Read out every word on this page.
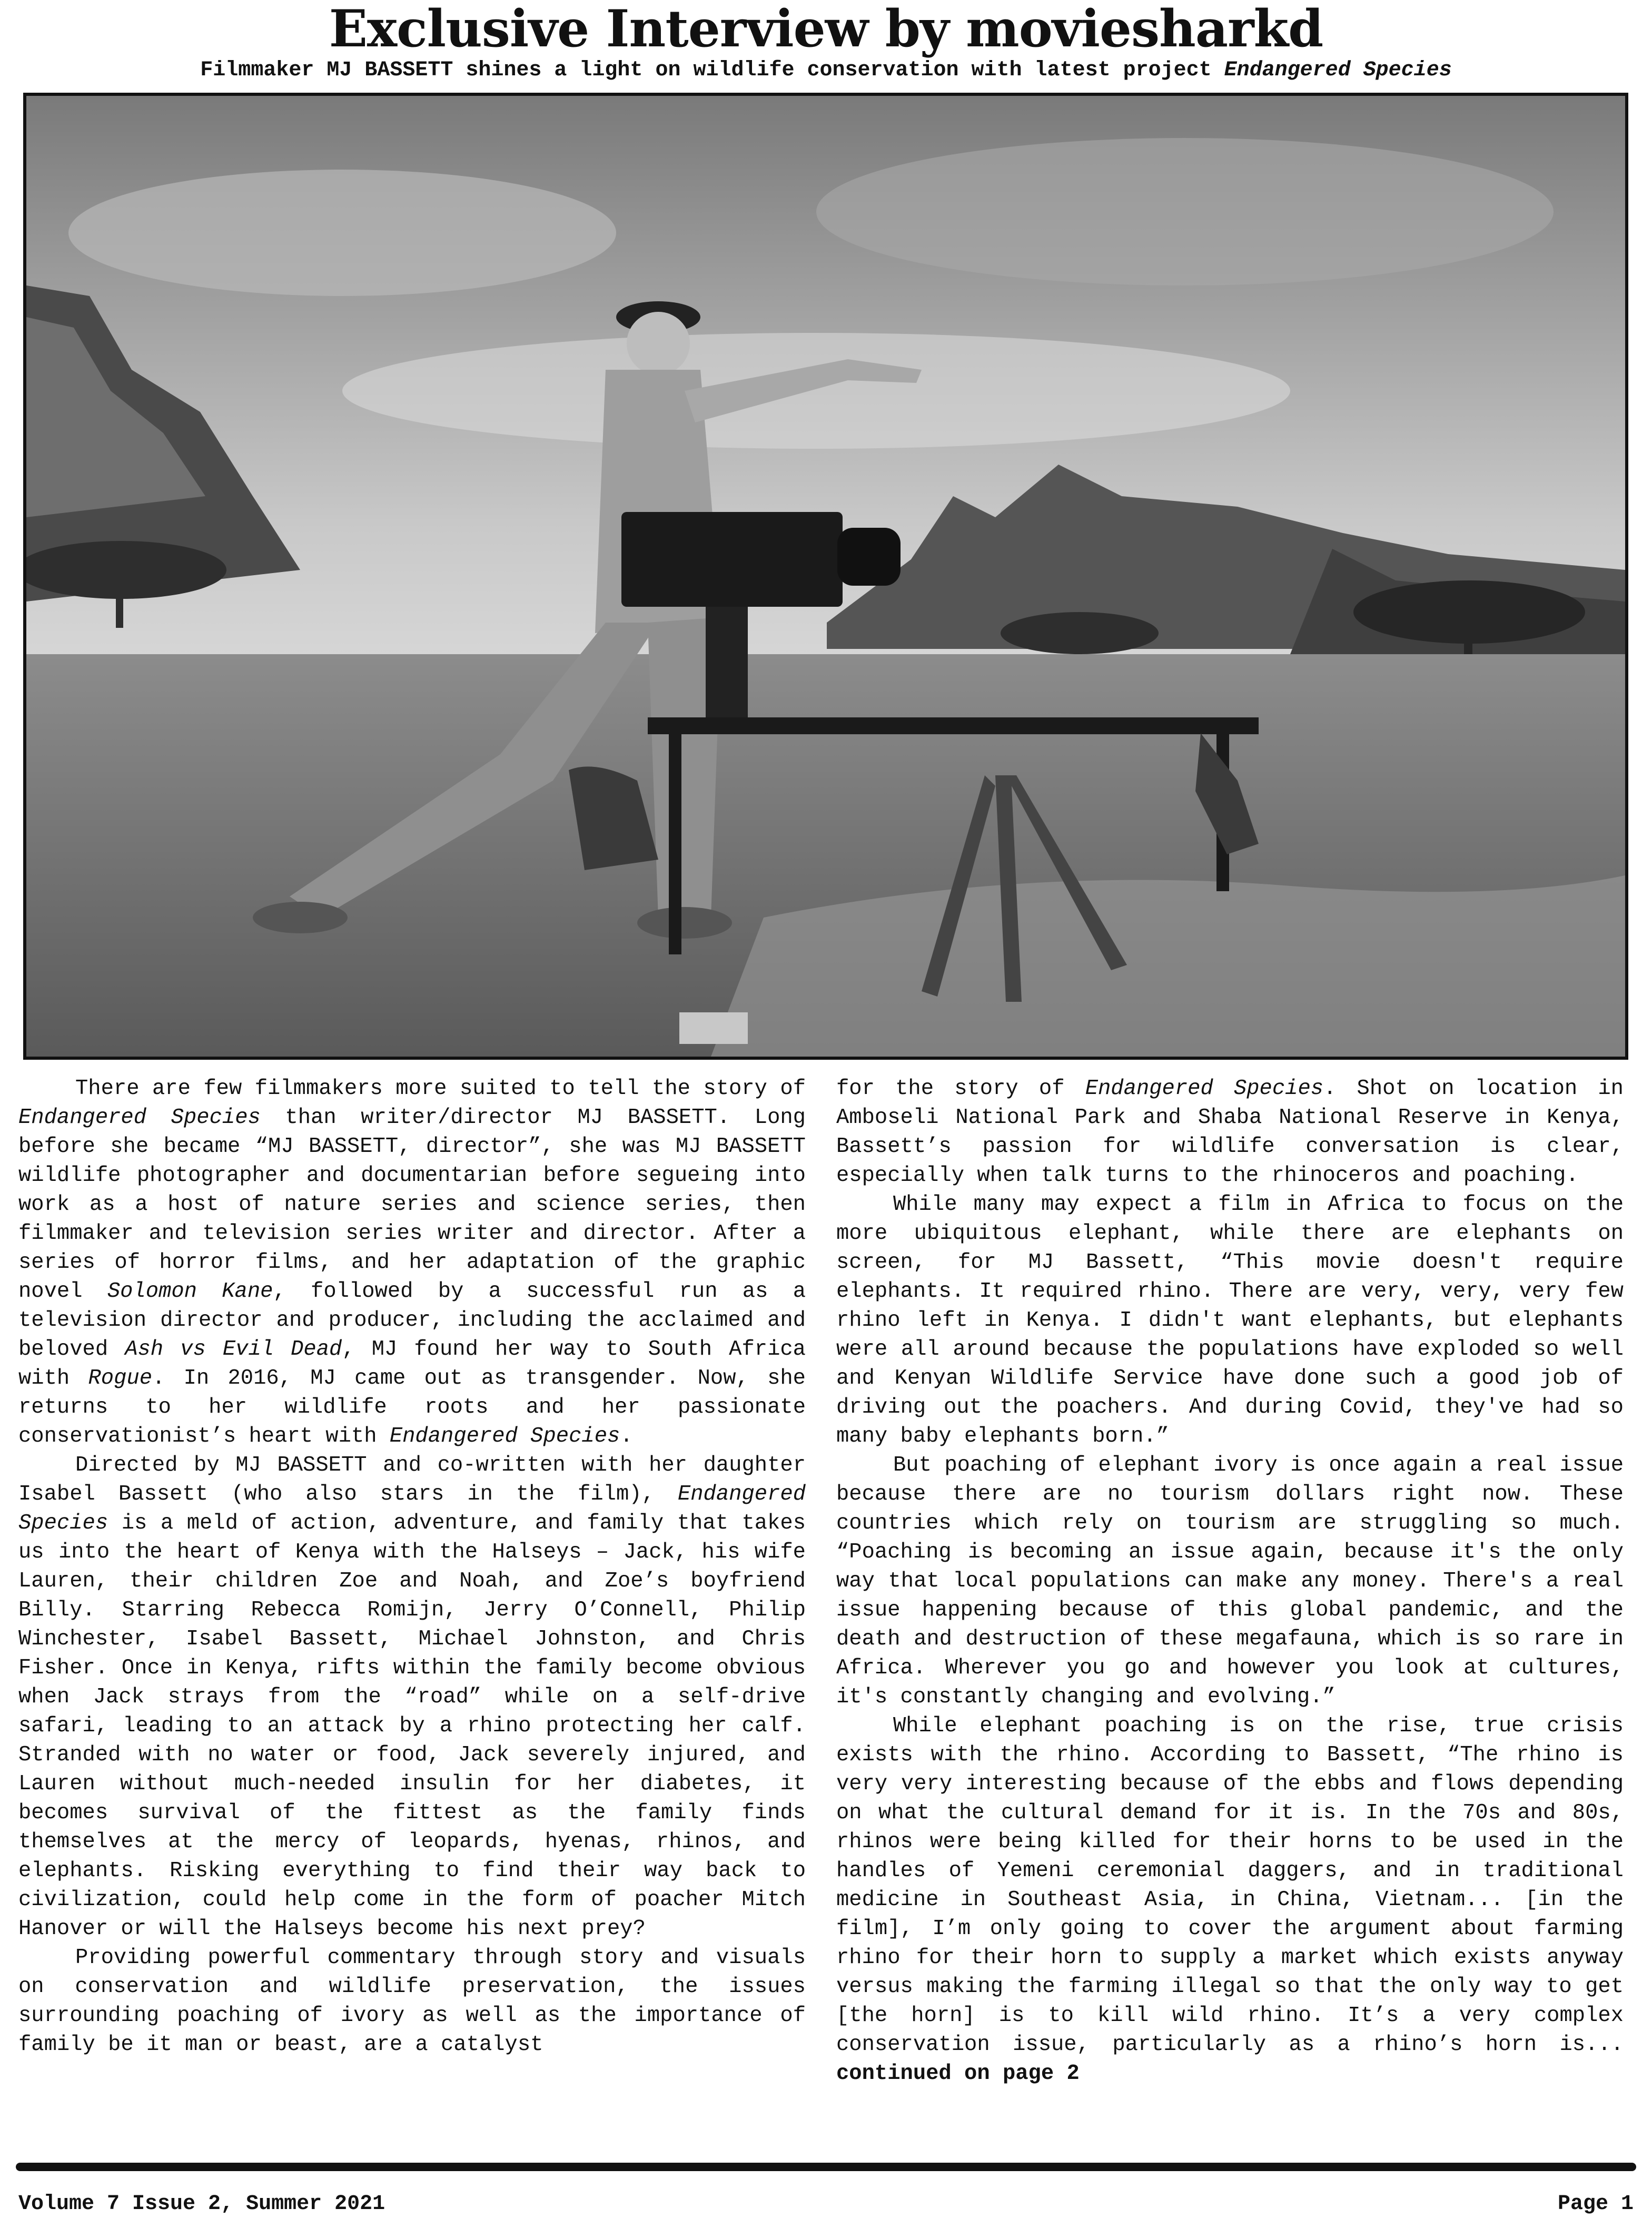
Exclusive Interview by moviesharkd
Filmmaker MJ BASSETT shines a light on wildlife conservation with latest project Endangered Species

There are few filmmakers more suited to tell the story of Endangered Species than writer/director MJ BASSETT. Long before she became “MJ BASSETT, director”, she was MJ BASSETT wildlife photographer and documentarian before segueing into work as a host of nature series and science series, then filmmaker and television series writer and director. After a series of horror films, and her adaptation of the graphic novel Solomon Kane, followed by a successful run as a television director and producer, including the acclaimed and beloved Ash vs Evil Dead, MJ found her way to South Africa with Rogue. In 2016, MJ came out as transgender. Now, she returns to her wildlife roots and her passionate conservationist’s heart with Endangered Species.

Directed by MJ BASSETT and co-written with her daughter Isabel Bassett (who also stars in the film), Endangered Species is a meld of action, adventure, and family that takes us into the heart of Kenya with the Halseys – Jack, his wife Lauren, their children Zoe and Noah, and Zoe’s boyfriend Billy. Starring Rebecca Romijn, Jerry O’Connell, Philip Winchester, Isabel Bassett, Michael Johnston, and Chris Fisher. Once in Kenya, rifts within the family become obvious when Jack strays from the “road” while on a self-drive safari, leading to an attack by a rhino protecting her calf. Stranded with no water or food, Jack severely injured, and Lauren without much-needed insulin for her diabetes, it becomes survival of the fittest as the family finds themselves at the mercy of leopards, hyenas, rhinos, and elephants. Risking everything to find their way back to civilization, could help come in the form of poacher Mitch Hanover or will the Halseys become his next prey?

Providing powerful commentary through story and visuals on conservation and wildlife preservation, the issues surrounding poaching of ivory as well as the importance of family be it man or beast, are a catalyst

for the story of Endangered Species. Shot on location in Amboseli National Park and Shaba National Reserve in Kenya, Bassett’s passion for wildlife conversation is clear, especially when talk turns to the rhinoceros and poaching.

While many may expect a film in Africa to focus on the more ubiquitous elephant, while there are elephants on screen, for MJ Bassett, “This movie doesn't require elephants. It required rhino. There are very, very, very few rhino left in Kenya. I didn't want elephants, but elephants were all around because the populations have exploded so well and Kenyan Wildlife Service have done such a good job of driving out the poachers. And during Covid, they've had so many baby elephants born.”

But poaching of elephant ivory is once again a real issue because there are no tourism dollars right now. These countries which rely on tourism are struggling so much. “Poaching is becoming an issue again, because it's the only way that local populations can make any money. There's a real issue happening because of this global pandemic, and the death and destruction of these megafauna, which is so rare in Africa. Wherever you go and however you look at cultures, it's constantly changing and evolving.”

While elephant poaching is on the rise, true crisis exists with the rhino. According to Bassett, “The rhino is very very interesting because of the ebbs and flows depending on what the cultural demand for it is. In the 70s and 80s, rhinos were being killed for their horns to be used in the handles of Yemeni ceremonial daggers, and in traditional medicine in Southeast Asia, in China, Vietnam... [in the film], I’m only going to cover the argument about farming rhino for their horn to supply a market which exists anyway versus making the farming illegal so that the only way to get [the horn] is to kill wild rhino. It’s a very complex conservation issue, particularly as a rhino’s horn is... continued on page 2

Volume 7 Issue 2, Summer 2021	Page 1
